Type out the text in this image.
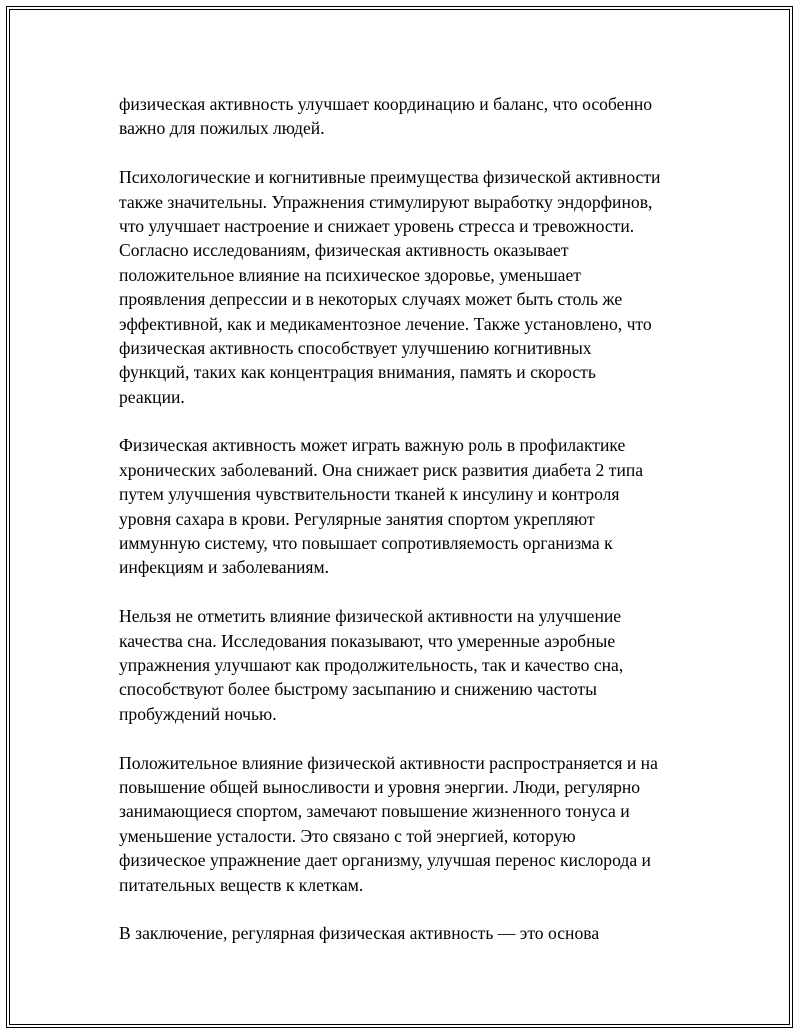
физическая активность улучшает координацию и баланс, что особенно
важно для пожилых людей.
Психологические и когнитивные преимущества физической активности
также значительны. Упражнения стимулируют выработку эндорфинов,
что улучшает настроение и снижает уровень стресса и тревожности.
Согласно исследованиям, физическая активность оказывает
положительное влияние на психическое здоровье, уменьшает
проявления депрессии и в некоторых случаях может быть столь же
эффективной, как и медикаментозное лечение. Также установлено, что
физическая активность способствует улучшению когнитивных
функций, таких как концентрация внимания, память и скорость
реакции.
Физическая активность может играть важную роль в профилактике
хронических заболеваний. Она снижает риск развития диабета 2 типа
путем улучшения чувствительности тканей к инсулину и контроля
уровня сахара в крови. Регулярные занятия спортом укрепляют
иммунную систему, что повышает сопротивляемость организма к
инфекциям и заболеваниям.
Нельзя не отметить влияние физической активности на улучшение
качества сна. Исследования показывают, что умеренные аэробные
упражнения улучшают как продолжительность, так и качество сна,
способствуют более быстрому засыпанию и снижению частоты
пробуждений ночью.
Положительное влияние физической активности распространяется и на
повышение общей выносливости и уровня энергии. Люди, регулярно
занимающиеся спортом, замечают повышение жизненного тонуса и
уменьшение усталости. Это связано с той энергией, которую
физическое упражнение дает организму, улучшая перенос кислорода и
питательных веществ к клеткам.
В заключение, регулярная физическая активность — это основа
